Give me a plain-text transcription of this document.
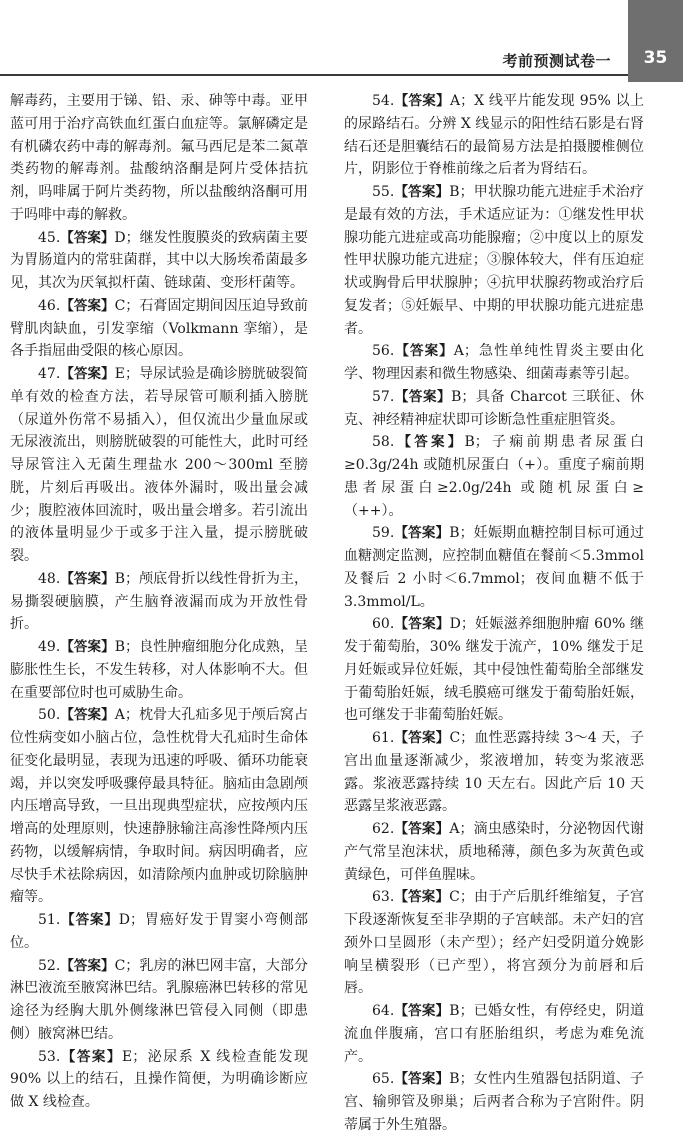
考前预测试卷一	35

解毒药，主要用于锑、铅、汞、砷等中毒。亚甲蓝可用于治疗高铁血红蛋白血症等。氯解磷定是有机磷农药中毒的解毒剂。氟马西尼是苯二氮䓬类药物的解毒剂。盐酸纳洛酮是阿片受体拮抗剂，吗啡属于阿片类药物，所以盐酸纳洛酮可用于吗啡中毒的解救。

45.【答案】D；继发性腹膜炎的致病菌主要为胃肠道内的常驻菌群，其中以大肠埃希菌最多见，其次为厌氧拟杆菌、链球菌、变形杆菌等。

46.【答案】C；石膏固定期间因压迫导致前臂肌肉缺血，引发挛缩（Volkmann 挛缩），是各手指屈曲受限的核心原因。

47.【答案】E；导尿试验是确诊膀胱破裂简单有效的检查方法，若导尿管可顺利插入膀胱（尿道外伤常不易插入），但仅流出少量血尿或无尿液流出，则膀胱破裂的可能性大，此时可经导尿管注入无菌生理盐水 200～300ml 至膀胱，片刻后再吸出。液体外漏时，吸出量会减少；腹腔液体回流时，吸出量会增多。若引流出的液体量明显少于或多于注入量，提示膀胱破裂。

48.【答案】B；颅底骨折以线性骨折为主，易撕裂硬脑膜，产生脑脊液漏而成为开放性骨折。

49.【答案】B；良性肿瘤细胞分化成熟，呈膨胀性生长，不发生转移，对人体影响不大。但在重要部位时也可威胁生命。

50.【答案】A；枕骨大孔疝多见于颅后窝占位性病变如小脑占位，急性枕骨大孔疝时生命体征变化最明显，表现为迅速的呼吸、循环功能衰竭，并以突发呼吸骤停最具特征。脑疝由急剧颅内压增高导致，一旦出现典型症状，应按颅内压增高的处理原则，快速静脉输注高渗性降颅内压药物，以缓解病情，争取时间。病因明确者，应尽快手术祛除病因，如清除颅内血肿或切除脑肿瘤等。

51.【答案】D；胃癌好发于胃窦小弯侧部位。

52.【答案】C；乳房的淋巴网丰富，大部分淋巴液流至腋窝淋巴结。乳腺癌淋巴转移的常见途径为经胸大肌外侧缘淋巴管侵入同侧（即患侧）腋窝淋巴结。

53.【答案】E；泌尿系 X 线检查能发现 90% 以上的结石，且操作简便，为明确诊断应做 X 线检查。

54.【答案】A；X 线平片能发现 95% 以上的尿路结石。分辨 X 线显示的阳性结石影是右肾结石还是胆囊结石的最简易方法是拍摄腰椎侧位片，阴影位于脊椎前缘之后者为肾结石。

55.【答案】B；甲状腺功能亢进症手术治疗是最有效的方法，手术适应证为：①继发性甲状腺功能亢进症或高功能腺瘤；②中度以上的原发性甲状腺功能亢进症；③腺体较大，伴有压迫症状或胸骨后甲状腺肿；④抗甲状腺药物或治疗后复发者；⑤妊娠早、中期的甲状腺功能亢进症患者。

56.【答案】A；急性单纯性胃炎主要由化学、物理因素和微生物感染、细菌毒素等引起。

57.【答案】B；具备 Charcot 三联征、休克、神经精神症状即可诊断急性重症胆管炎。

58.【答案】B；子痫前期患者尿蛋白≥0.3g/24h 或随机尿蛋白（+）。重度子痫前期患者尿蛋白≥2.0g/24h 或随机尿蛋白≥（++）。

59.【答案】B；妊娠期血糖控制目标可通过血糖测定监测，应控制血糖值在餐前＜5.3mmol 及餐后 2 小时＜6.7mmol；夜间血糖不低于 3.3mmol/L。

60.【答案】D；妊娠滋养细胞肿瘤 60% 继发于葡萄胎，30% 继发于流产，10% 继发于足月妊娠或异位妊娠，其中侵蚀性葡萄胎全部继发于葡萄胎妊娠，绒毛膜癌可继发于葡萄胎妊娠，也可继发于非葡萄胎妊娠。

61.【答案】C；血性恶露持续 3～4 天，子宫出血量逐渐减少，浆液增加，转变为浆液恶露。浆液恶露持续 10 天左右。因此产后 10 天恶露呈浆液恶露。

62.【答案】A；滴虫感染时，分泌物因代谢产气常呈泡沫状，质地稀薄，颜色多为灰黄色或黄绿色，可伴鱼腥味。

63.【答案】C；由于产后肌纤维缩复，子宫下段逐渐恢复至非孕期的子宫峡部。未产妇的宫颈外口呈圆形（未产型）；经产妇受阴道分娩影响呈横裂形（已产型），将宫颈分为前唇和后唇。

64.【答案】B；已婚女性，有停经史，阴道流血伴腹痛，宫口有胚胎组织，考虑为难免流产。

65.【答案】B；女性内生殖器包括阴道、子宫、输卵管及卵巢；后两者合称为子宫附件。阴蒂属于外生殖器。
